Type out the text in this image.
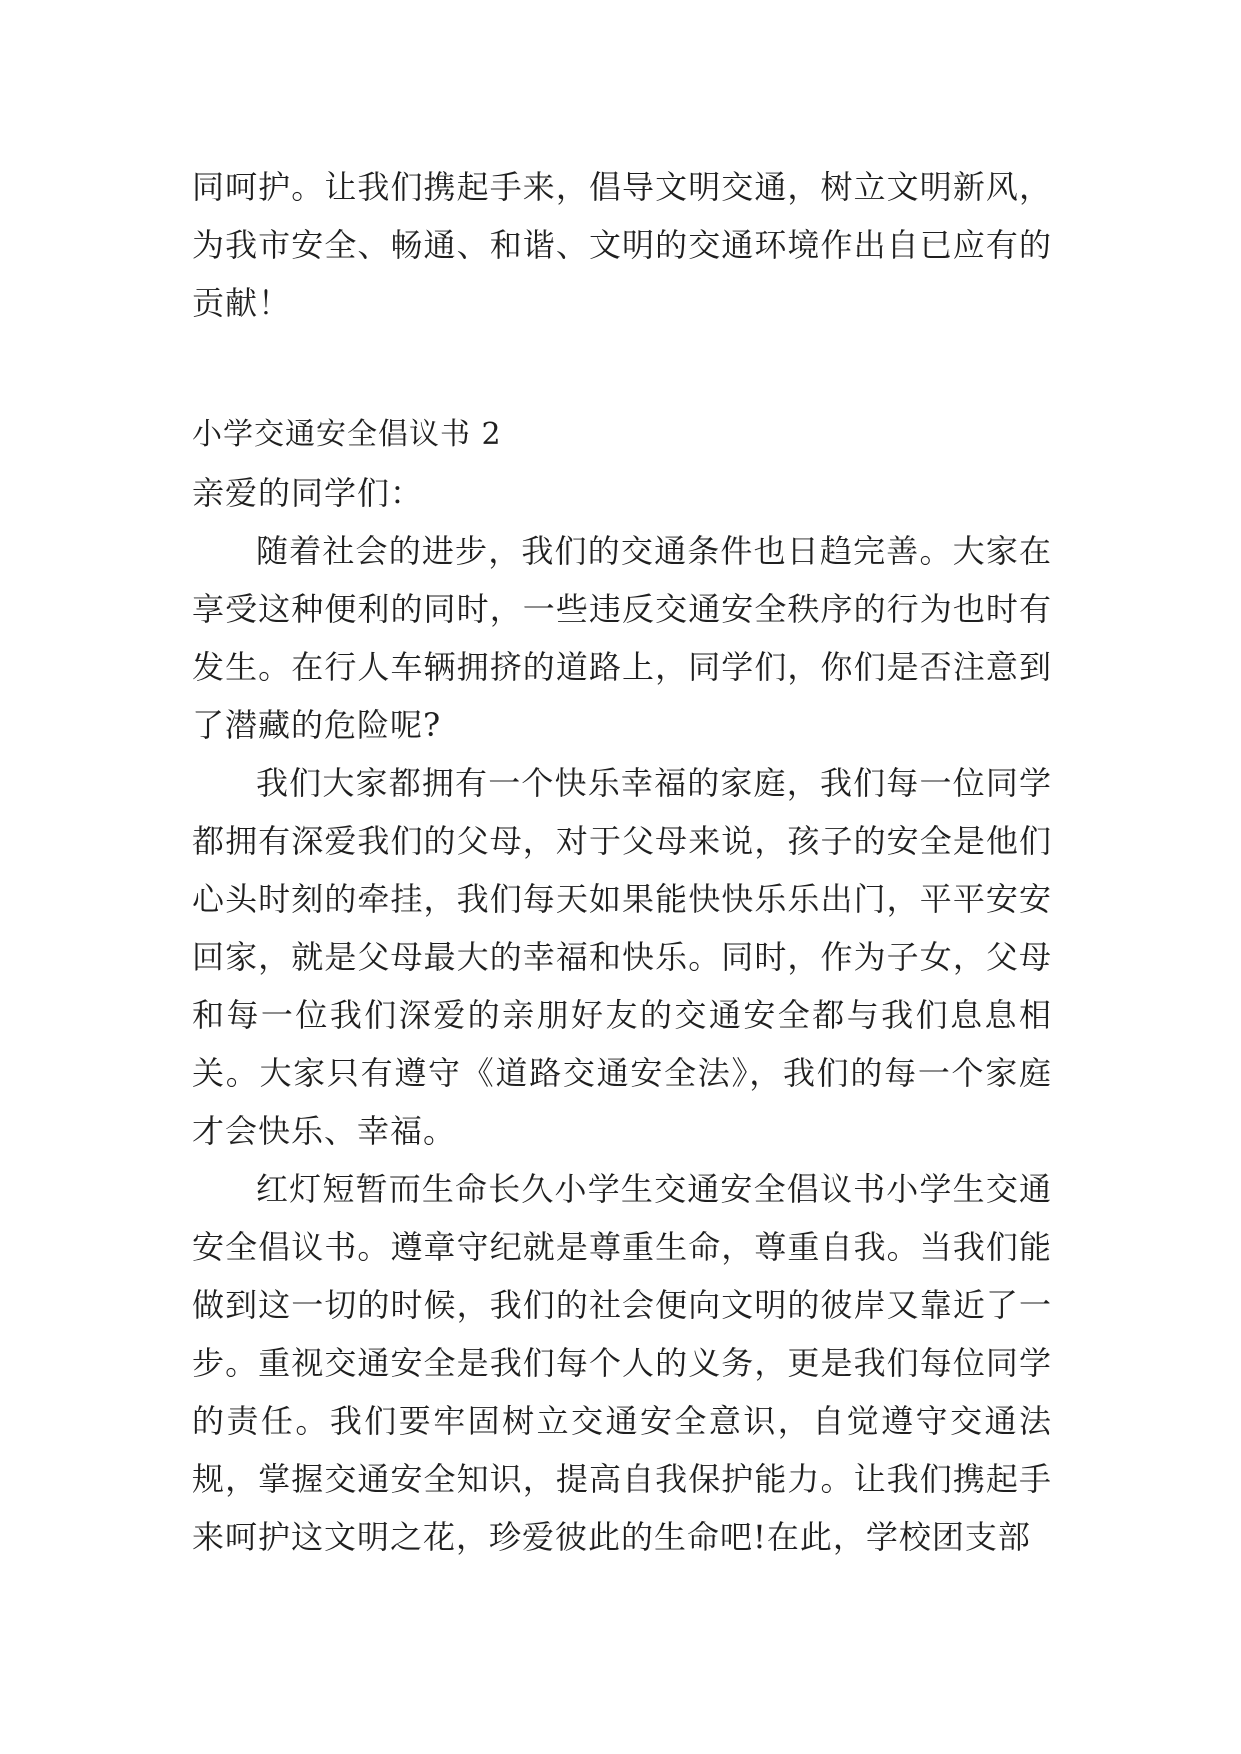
同呵护。让我们携起手来，倡导文明交通，树立文明新风，为我市安全、畅通、和谐、文明的交通环境作出自已应有的贡献！

小学交通安全倡议书 2

亲爱的同学们：

随着社会的进步，我们的交通条件也日趋完善。大家在享受这种便利的同时，一些违反交通安全秩序的行为也时有发生。在行人车辆拥挤的道路上，同学们，你们是否注意到了潜藏的危险呢?

我们大家都拥有一个快乐幸福的家庭，我们每一位同学都拥有深爱我们的父母，对于父母来说，孩子的安全是他们心头时刻的牵挂，我们每天如果能快快乐乐出门，平平安安回家，就是父母最大的幸福和快乐。同时，作为子女，父母和每一位我们深爱的亲朋好友的交通安全都与我们息息相关。大家只有遵守《道路交通安全法》，我们的每一个家庭才会快乐、幸福。

红灯短暂而生命长久小学生交通安全倡议书小学生交通安全倡议书。遵章守纪就是尊重生命，尊重自我。当我们能做到这一切的时候，我们的社会便向文明的彼岸又靠近了一步。重视交通安全是我们每个人的义务，更是我们每位同学的责任。我们要牢固树立交通安全意识，自觉遵守交通法规，掌握交通安全知识，提高自我保护能力。让我们携起手来呵护这文明之花，珍爱彼此的生命吧!在此，学校团支部
